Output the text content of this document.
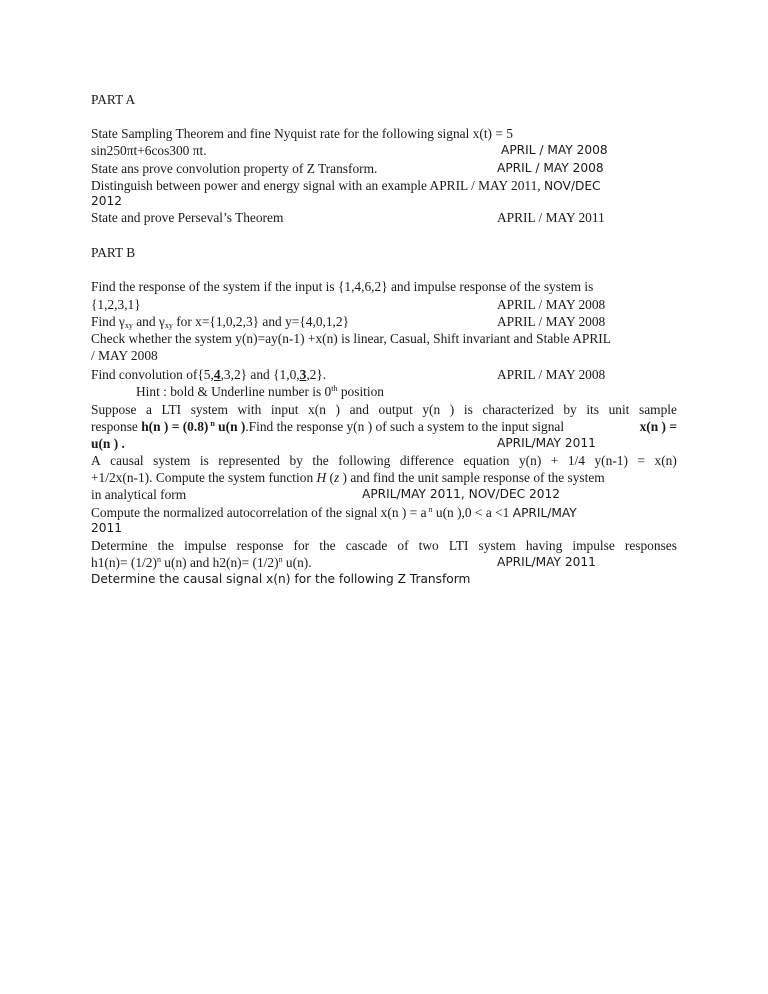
PART A
State Sampling Theorem and fine Nyquist rate for the following signal x(t) = 5
sin250πt+6cos300 πt.	APRIL / MAY 2008
State ans prove convolution property of Z Transform.	APRIL / MAY 2008
Distinguish between power and energy signal with an example APRIL / MAY 2011, NOV/DEC
2012
State and prove Perseval’s Theorem	APRIL / MAY 2011
PART B
Find the response of the system if the input is {1,4,6,2} and impulse response of the system is
{1,2,3,1}	APRIL / MAY 2008
Find $\gamma_{xy}$ and $\gamma_{xy}$ for x={1,0,2,3} and y={4,0,1,2}	APRIL / MAY 2008
Check whether the system y(n)=ay(n-1) +x(n) is linear, Casual, Shift invariant and Stable APRIL
/ MAY 2008
Find convolution of{5,4,3,2} and {1,0,3,2}.	APRIL / MAY 2008
Hint : bold & Underline number is 0th position
Suppose a LTI system with input x(n ) and output y(n ) is characterized by its unit sample
response h(n ) = (0.8) $^n$ u(n ).Find the response y(n ) of such a system to the input signal	x(n ) =
u(n ) .	APRIL/MAY 2011
A causal system is represented by the following difference equation y(n) + 1/4 y(n-1) = x(n)
+1/2x(n-1). Compute the system function H (z ) and find the unit sample response of the system
in analytical form	APRIL/MAY 2011, NOV/DEC 2012
Compute the normalized autocorrelation of the signal x(n ) = a $^n$ u(n ),0 < a <1 APRIL/MAY
2011
Determine the impulse response for the cascade of two LTI system having impulse responses
$h1(n)= (1/2)^n$ u(n) and $h2(n)= (1/2)^n$ u(n).	APRIL/MAY 2011
Determine the causal signal x(n) for the following Z Transform
